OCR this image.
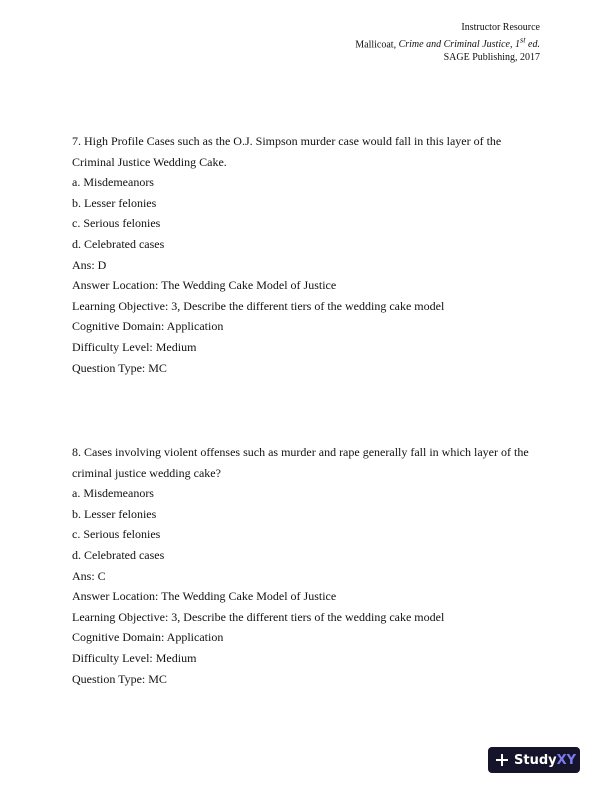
Instructor Resource
Mallicoat, Crime and Criminal Justice, 1st ed.
SAGE Publishing, 2017
7. High Profile Cases such as the O.J. Simpson murder case would fall in this layer of the Criminal Justice Wedding Cake.
a. Misdemeanors
b. Lesser felonies
c. Serious felonies
d. Celebrated cases
Ans: D
Answer Location: The Wedding Cake Model of Justice
Learning Objective: 3, Describe the different tiers of the wedding cake model
Cognitive Domain: Application
Difficulty Level: Medium
Question Type: MC
8. Cases involving violent offenses such as murder and rape generally fall in which layer of the criminal justice wedding cake?
a. Misdemeanors
b. Lesser felonies
c. Serious felonies
d. Celebrated cases
Ans: C
Answer Location: The Wedding Cake Model of Justice
Learning Objective: 3, Describe the different tiers of the wedding cake model
Cognitive Domain: Application
Difficulty Level: Medium
Question Type: MC
Study XY
